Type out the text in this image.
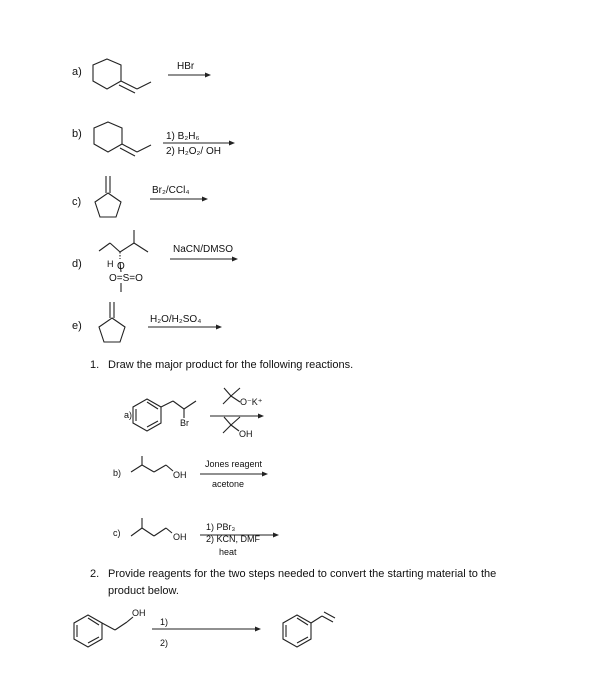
a)	HBr
b)	1) B₂H₆
2) H₂O₂/ OH
c)
Br₂/CCl₄
d)
NaCN/DMSO
H O
O=S=O
e)
H₂O/H₂SO₄
1. Draw the major product for the following reactions.
a)
Br
O⁻K⁺
OH
b)	OH
Jones reagent
acetone
c)	OH
1) PBr₃
2) KCN, DMF
heat
2. Provide reagents for the two steps needed to convert the starting material to the
product below.
OH
1)
2)
